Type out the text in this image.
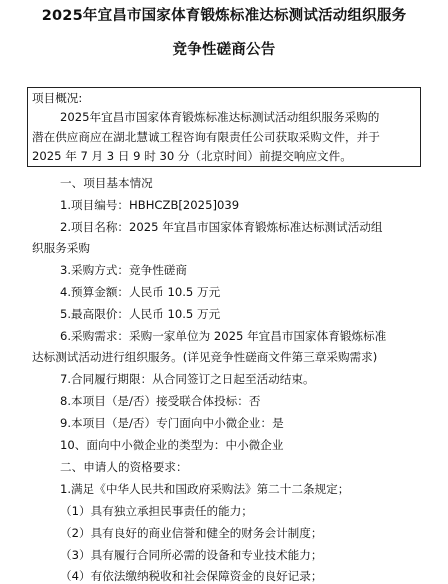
2025年宜昌市国家体育锻炼标准达标测试活动组织服务
竞争性磋商公告
项目概况:
2025年宜昌市国家体育锻炼标准达标测试活动组织服务采购的
潜在供应商应在湖北慧诚工程咨询有限责任公司获取采购文件，并于
2025 年 7 月 3 日 9 时 30 分（北京时间）前提交响应文件。
一、项目基本情况
1.项目编号：HBHCZB[2025]039
2.项目名称：2025 年宜昌市国家体育锻炼标准达标测试活动组
织服务采购
3.采购方式：竞争性磋商
4.预算金额：人民币 10.5 万元
5.最高限价：人民币 10.5 万元
6.采购需求：采购一家单位为 2025 年宜昌市国家体育锻炼标准
达标测试活动进行组织服务。(详见竞争性磋商文件第三章采购需求)
7.合同履行期限：从合同签订之日起至活动结束。
8.本项目（是/否）接受联合体投标：否
9.本项目（是/否）专门面向中小微企业：是
10、面向中小微企业的类型为：中小微企业
二、申请人的资格要求：
1.满足《中华人民共和国政府采购法》第二十二条规定；
（1）具有独立承担民事责任的能力；
（2）具有良好的商业信誉和健全的财务会计制度；
（3）具有履行合同所必需的设备和专业技术能力；
（4）有依法缴纳税收和社会保障资金的良好记录；
